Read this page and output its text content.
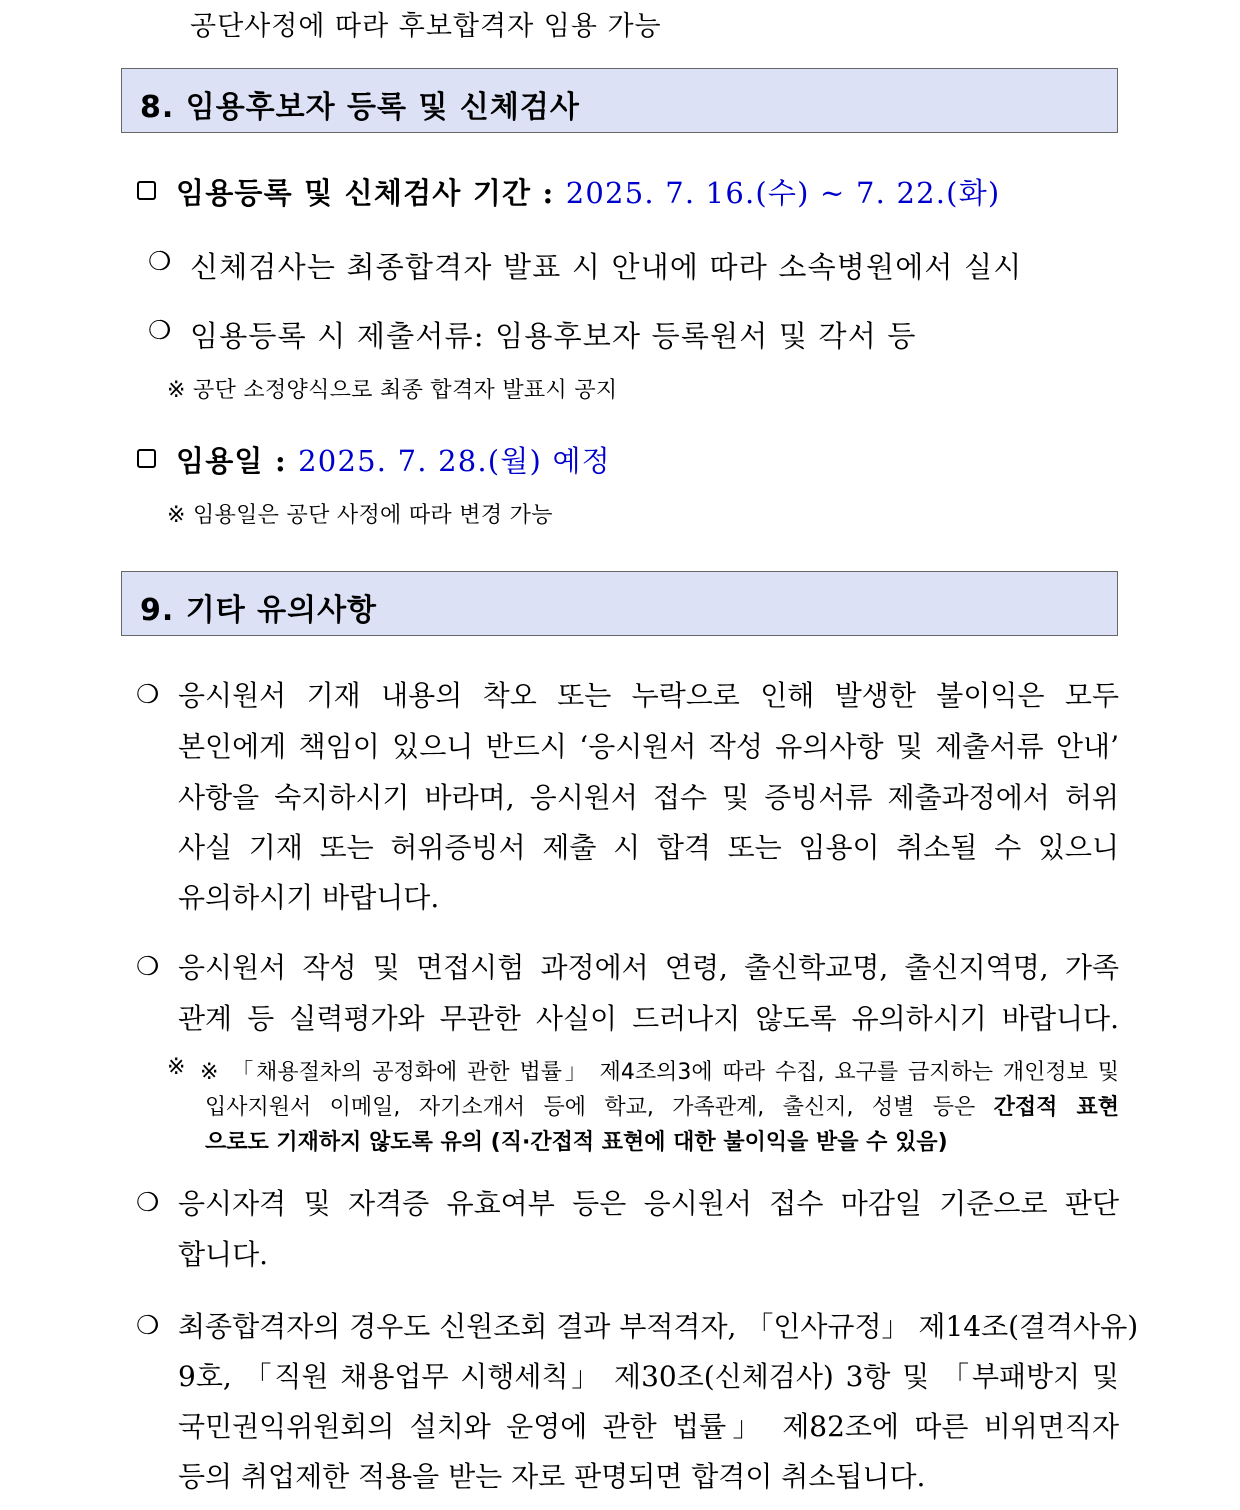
공단사정에 따라 후보합격자 임용 가능
8. 임용후보자 등록 및 신체검사
임용등록 및 신체검사 기간 : 2025. 7. 16.(수) ~ 7. 22.(화)
❍ 신체검사는 최종합격자 발표 시 안내에 따라 소속병원에서 실시
❍ 임용등록 시 제출서류: 임용후보자 등록원서 및 각서 등
※ 공단 소정양식으로 최종 합격자 발표시 공지
임용일 : 2025. 7. 28.(월) 예정
※ 임용일은 공단 사정에 따라 변경 가능
9. 기타 유의사항
❍ 응시원서 기재 내용의 착오 또는 누락으로 인해 발생한 불이익은 모두
본인에게 책임이 있으니 반드시 ‘응시원서 작성 유의사항 및 제출서류 안내’
사항을 숙지하시기 바라며, 응시원서 접수 및 증빙서류 제출과정에서 허위
사실 기재 또는 허위증빙서 제출 시 합격 또는 임용이 취소될 수 있으니
유의하시기 바랍니다.
❍ 응시원서 작성 및 면접시험 과정에서 연령, 출신학교명, 출신지역명, 가족
관계 등 실력평가와 무관한 사실이 드러나지 않도록 유의하시기 바랍니다.
※ ※ 「채용절차의 공정화에 관한 법률」 제4조의3에 따라 수집, 요구를 금지하는 개인정보 및
입사지원서 이메일, 자기소개서 등에 학교, 가족관계, 출신지, 성별 등은 간접적 표현
으로도 기재하지 않도록 유의 (직·간접적 표현에 대한 불이익을 받을 수 있음)
❍ 응시자격 및 자격증 유효여부 등은 응시원서 접수 마감일 기준으로 판단
합니다.
❍ 최종합격자의 경우도 신원조회 결과 부적격자, 「인사규정」 제14조(결격사유)
9호, 「직원 채용업무 시행세칙」 제30조(신체검사) 3항 및 「부패방지 및
국민권익위원회의 설치와 운영에 관한 법률」 제82조에 따른 비위면직자
등의 취업제한 적용을 받는 자로 판명되면 합격이 취소됩니다.
